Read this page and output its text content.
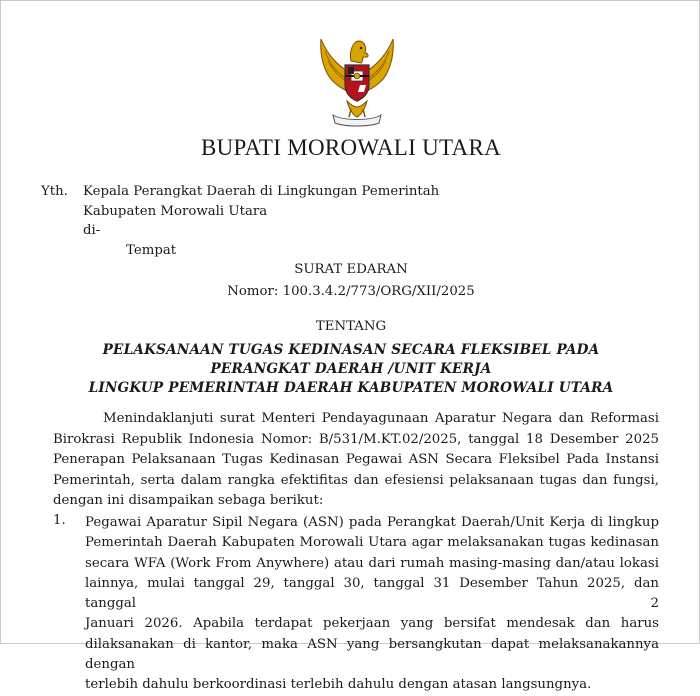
BUPATI MOROWALI UTARA
Yth. Kepala Perangkat Daerah di Lingkungan Pemerintah
Kabupaten Morowali Utara
di-
Tempat
SURAT EDARAN
Nomor: 100.3.4.2/773/ORG/XII/2025
TENTANG
PELAKSANAAN TUGAS KEDINASAN SECARA FLEKSIBEL PADA
PERANGKAT DAERAH /UNIT KERJA
LINGKUP PEMERINTAH DAERAH KABUPATEN MOROWALI UTARA
Menindaklanjuti surat Menteri Pendayagunaan Aparatur Negara dan Reformasi
Birokrasi Republik Indonesia Nomor: B/531/M.KT.02/2025, tanggal 18 Desember 2025
Penerapan Pelaksanaan Tugas Kedinasan Pegawai ASN Secara Fleksibel Pada Instansi
Pemerintah, serta dalam rangka efektifitas dan efesiensi pelaksanaan tugas dan fungsi,
dengan ini disampaikan sebaga berikut:
1. Pegawai Aparatur Sipil Negara (ASN) pada Perangkat Daerah/Unit Kerja di lingkup
Pemerintah Daerah Kabupaten Morowali Utara agar melaksanakan tugas kedinasan
secara WFA (Work From Anywhere) atau dari rumah masing-masing dan/atau lokasi
lainnya, mulai tanggal 29, tanggal 30, tanggal 31 Desember Tahun 2025, dan tanggal 2
Januari 2026. Apabila terdapat pekerjaan yang bersifat mendesak dan harus
dilaksanakan di kantor, maka ASN yang bersangkutan dapat melaksanakannya dengan
terlebih dahulu berkoordinasi terlebih dahulu dengan atasan langsungnya.
